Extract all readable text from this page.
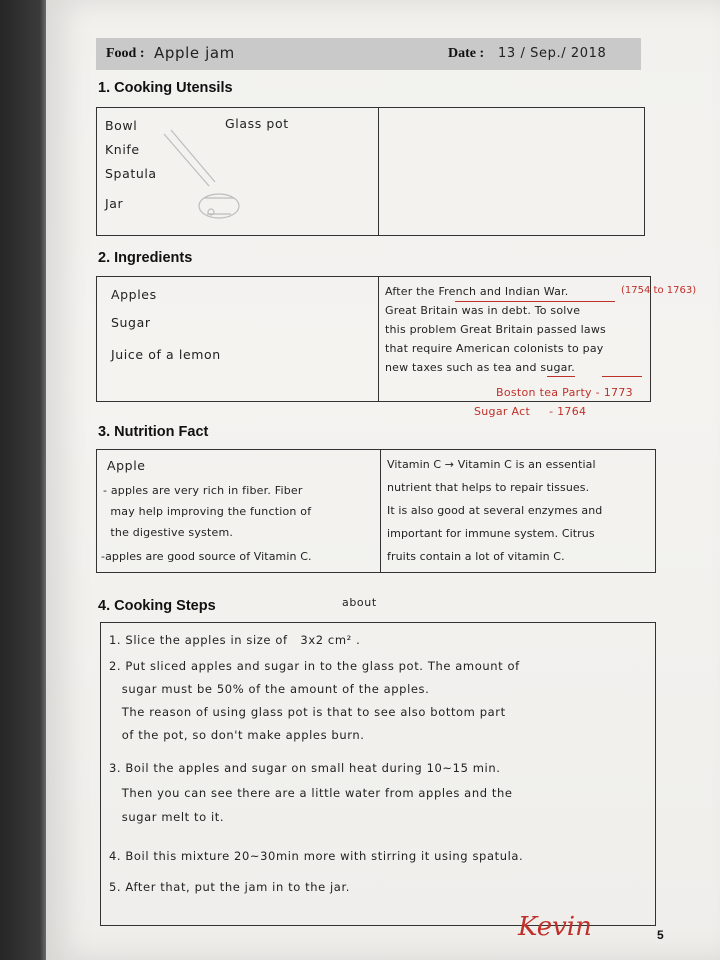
Food : Apple jam	Date : 13 / Sep./ 2018
1. Cooking Utensils
Bowl
Knife
Spatula
Jar
Glass pot
2. Ingredients
Apples
Sugar
Juice of a lemon
After the French and Indian War.	(1754 to 1763)
Great Britain was in debt. To solve
this problem Great Britain passed laws
that require American colonists to pay
new taxes such as tea and sugar.
Boston tea Party - 1773
Sugar Act     - 1764
3. Nutrition Fact
Apple
- apples are very rich in fiber. Fiber
may help improving the function of
the digestive system.
-apples are good source of Vitamin C.
Vitamin C → Vitamin C is an essential
nutrient that helps to repair tissues.
It is also good at several enzymes and
important for immune system. Citrus
fruits contain a lot of vitamin C.
4. Cooking Steps	about
1. Slice the apples in size of   3x2 cm² .
2. Put sliced apples and sugar in to the glass pot. The amount of
sugar must be 50% of the amount of the apples.
The reason of using glass pot is that to see also bottom part
of the pot, so don't make apples burn.
3. Boil the apples and sugar on small heat during 10~15 min.
Then you can see there are a little water from apples and the
sugar melt to it.
4. Boil this mixture 20~30min more with stirring it using spatula.
5. After that, put the jam in to the jar.
Kevin	5
